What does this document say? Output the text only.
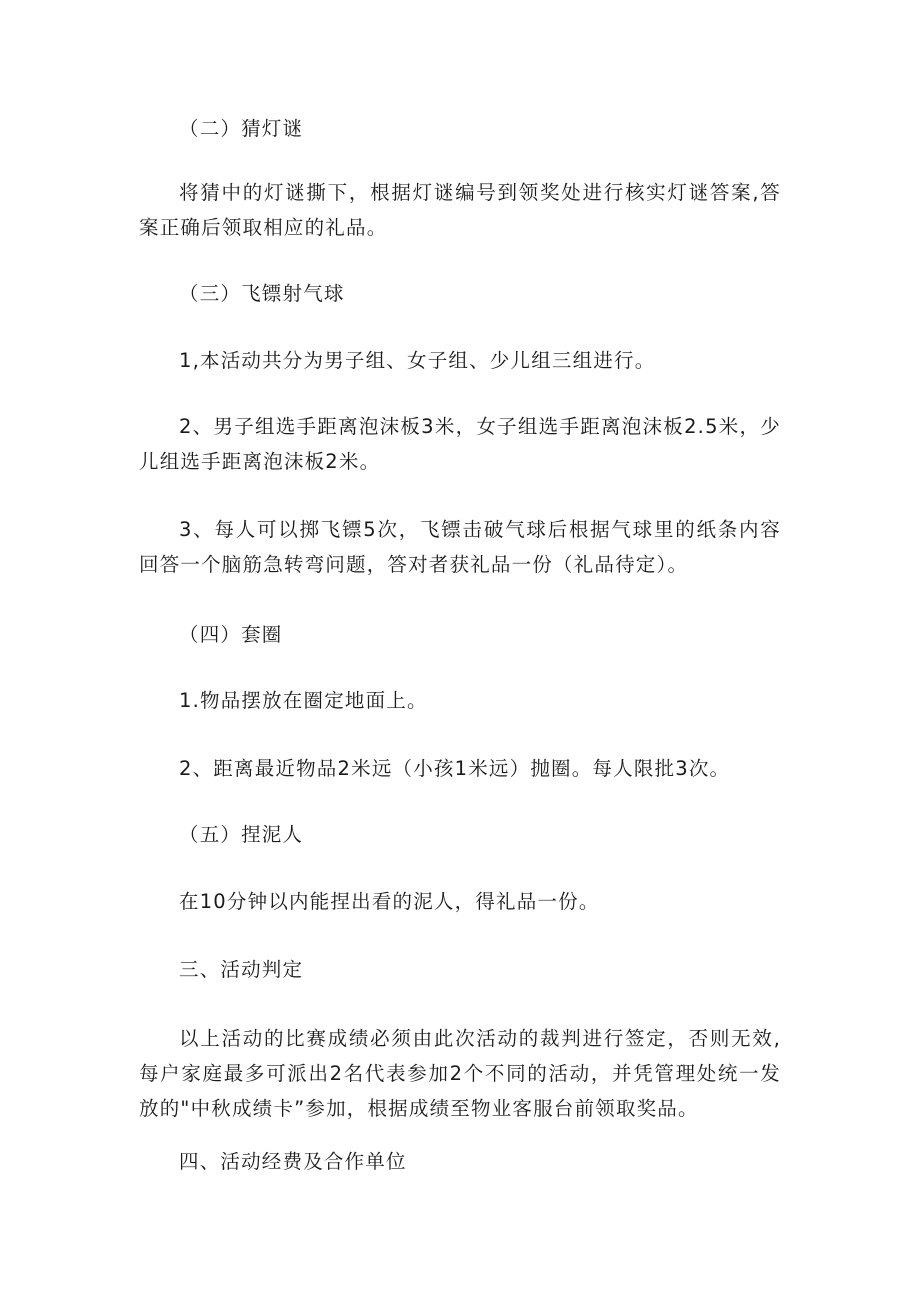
（二）猜灯谜
将猜中的灯谜撕下，根据灯谜编号到领奖处进行核实灯谜答案,答案正确后领取相应的礼品。
（三）飞镖射气球
1,本活动共分为男子组、女子组、少儿组三组进行。
2、男子组选手距离泡沫板3米，女子组选手距离泡沫板2.5米，少儿组选手距离泡沫板2米。
3、每人可以掷飞镖5次，飞镖击破气球后根据气球里的纸条内容回答一个脑筋急转弯问题，答对者获礼品一份（礼品待定）。
（四）套圈
1.物品摆放在圈定地面上。
2、距离最近物品2米远（小孩1米远）抛圈。每人限批3次。
（五）捏泥人
在10分钟以内能捏出看的泥人，得礼品一份。
三、活动判定
以上活动的比赛成绩必须由此次活动的裁判进行签定，否则无效,每户家庭最多可派出2名代表参加2个不同的活动，并凭管理处统一发放的"中秋成绩卡”参加，根据成绩至物业客服台前领取奖品。
四、活动经费及合作单位
